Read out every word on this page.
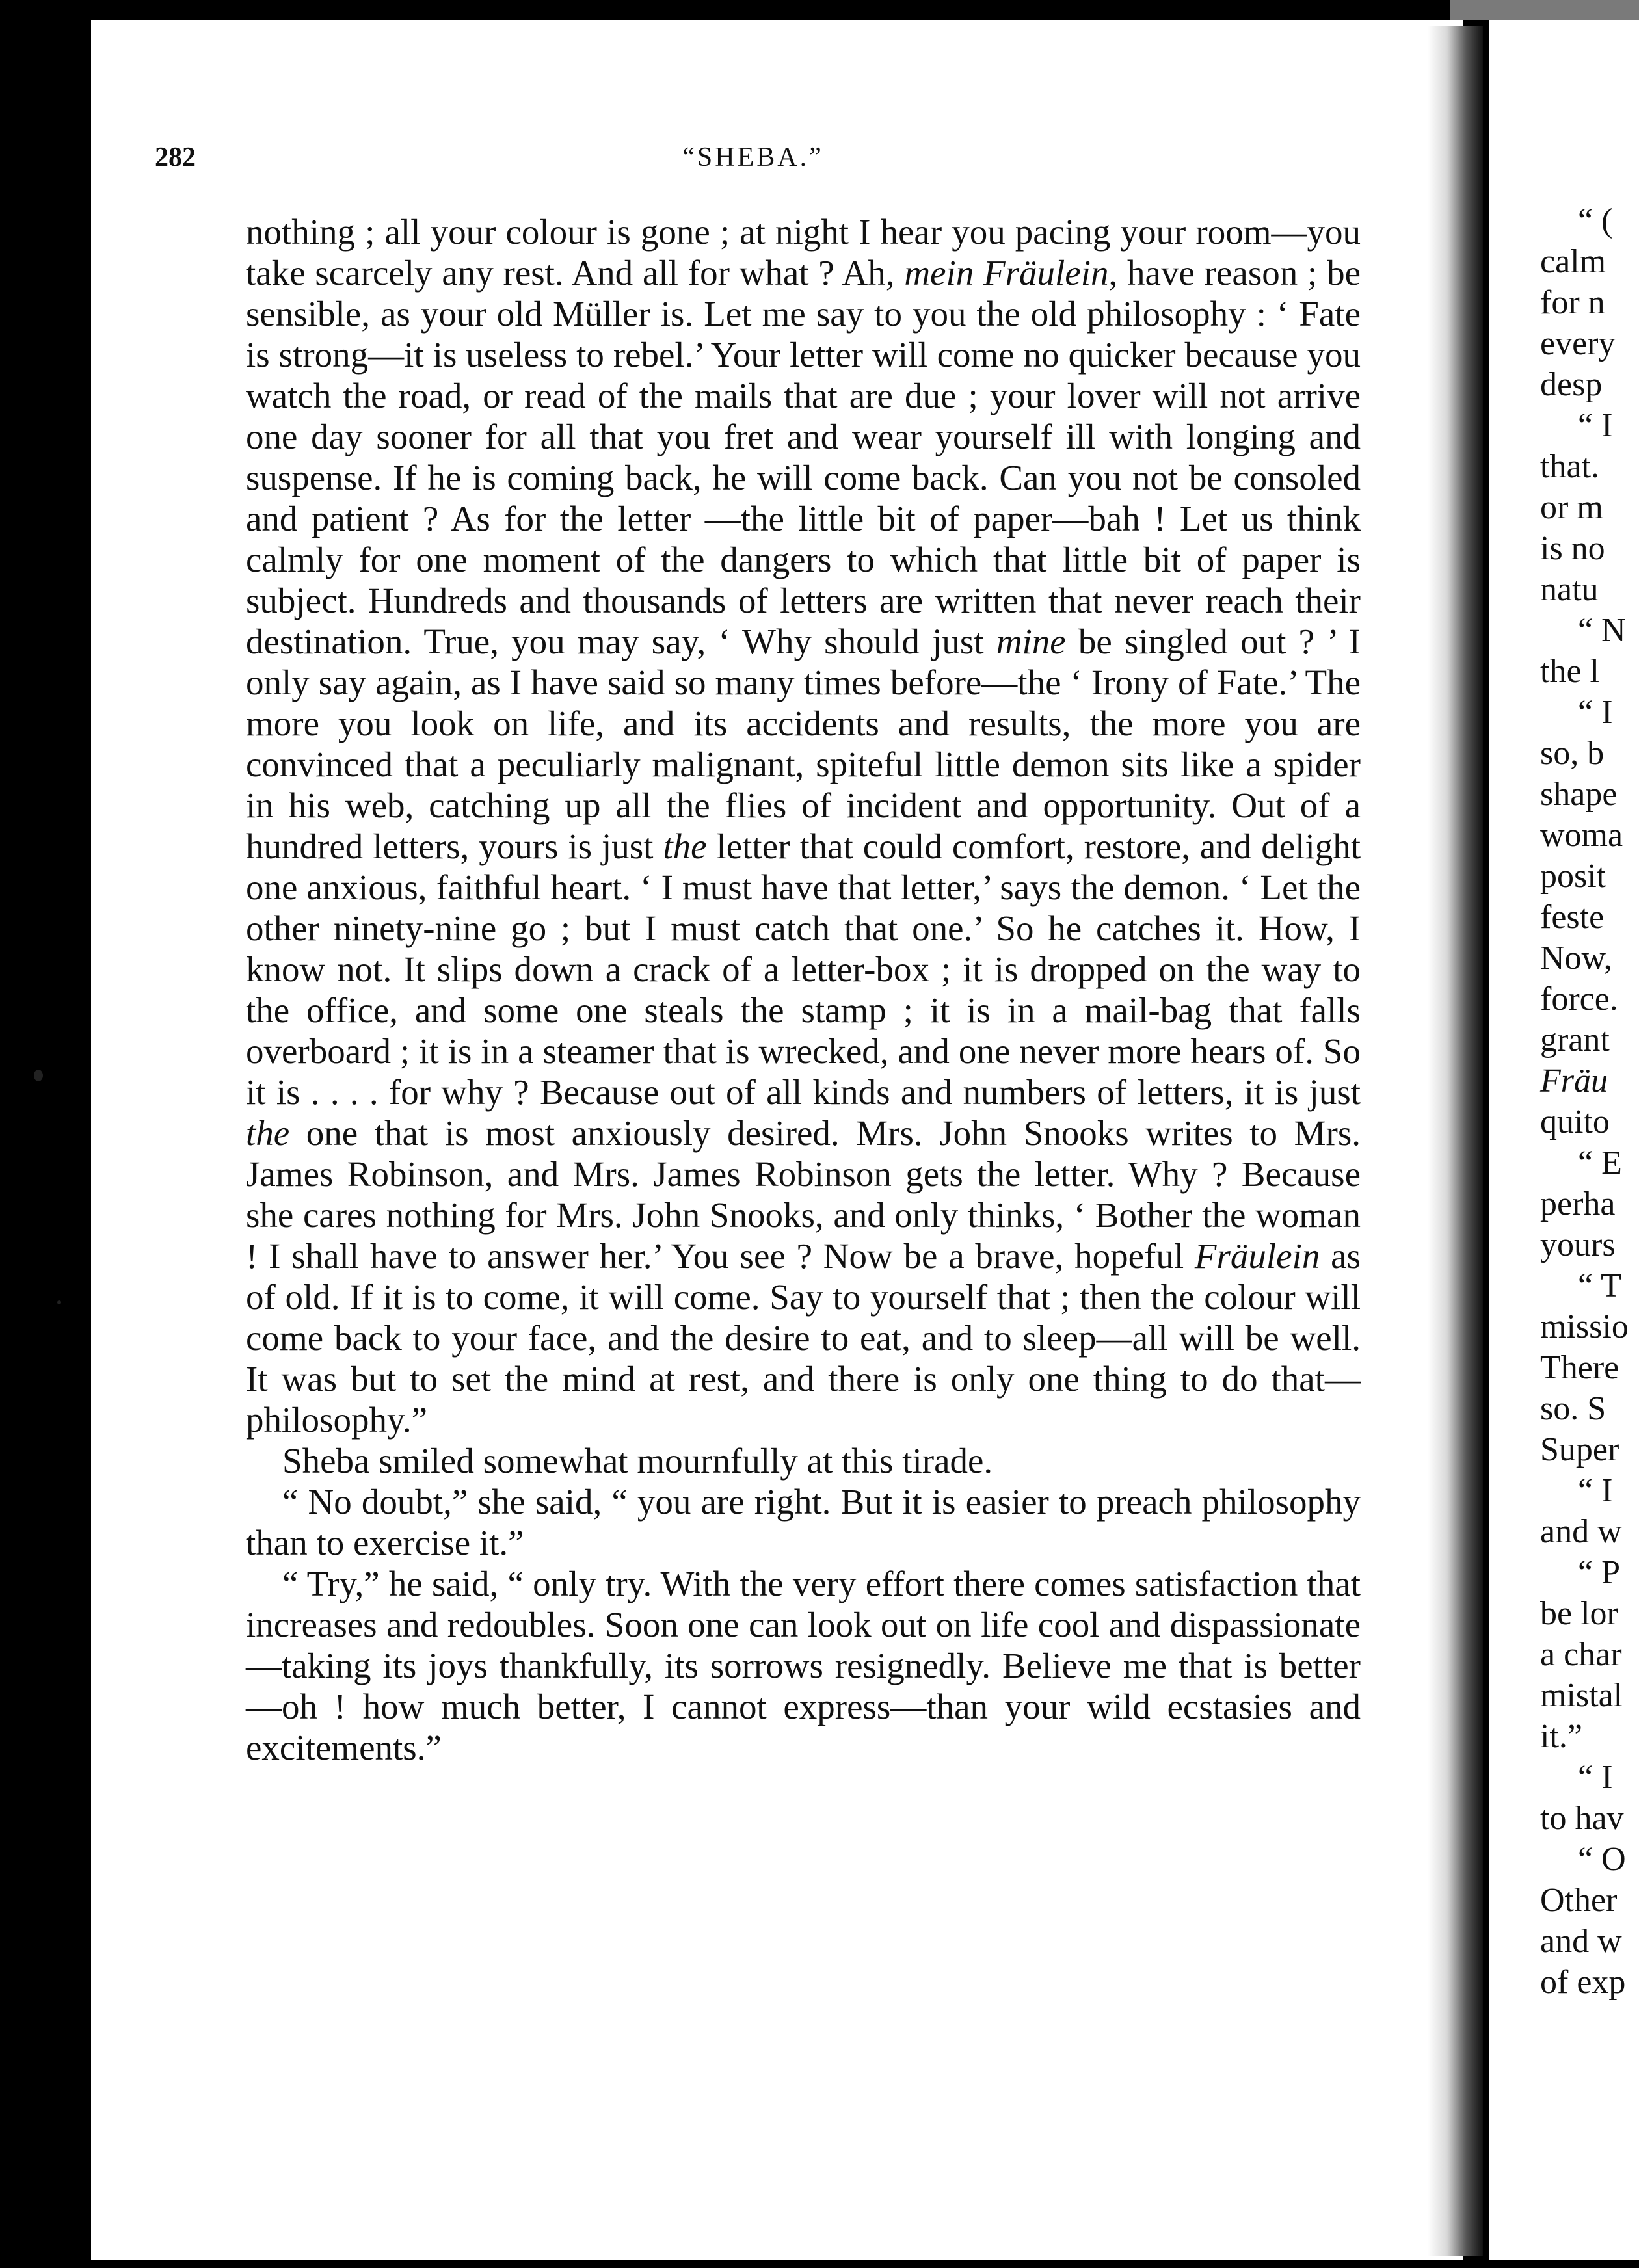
282	“SHEBA.”

nothing ; all your colour is gone ; at night I hear you pacing your room—you take scarcely any rest. And all for what ? Ah, mein Fräulein, have reason ; be sensible, as your old Müller is. Let me say to you the old philosophy : ‘ Fate is strong—it is useless to rebel.’ Your letter will come no quicker because you watch the road, or read of the mails that are due ; your lover will not arrive one day sooner for all that you fret and wear yourself ill with longing and suspense. If he is coming back, he will come back. Can you not be consoled and patient ? As for the letter —the little bit of paper—bah ! Let us think calmly for one moment of the dangers to which that little bit of paper is subject. Hundreds and thousands of letters are written that never reach their destination. True, you may say, ‘ Why should just mine be singled out ? ’ I only say again, as I have said so many times before—the ‘ Irony of Fate.’ The more you look on life, and its accidents and results, the more you are convinced that a peculiarly malignant, spiteful little demon sits like a spider in his web, catching up all the flies of incident and opportunity. Out of a hundred letters, yours is just the letter that could comfort, restore, and delight one anxious, faithful heart. ‘ I must have that letter,’ says the demon. ‘ Let the other ninety-nine go ; but I must catch that one.’ So he catches it. How, I know not. It slips down a crack of a letter-box ; it is dropped on the way to the office, and some one steals the stamp ; it is in a mail-bag that falls overboard ; it is in a steamer that is wrecked, and one never more hears of. So it is . . . . for why ? Because out of all kinds and numbers of letters, it is just the one that is most anxiously desired. Mrs. John Snooks writes to Mrs. James Robinson, and Mrs. James Robinson gets the letter. Why ? Because she cares nothing for Mrs. John Snooks, and only thinks, ‘ Bother the woman ! I shall have to answer her.’ You see ? Now be a brave, hopeful Fräulein as of old. If it is to come, it will come. Say to yourself that ; then the colour will come back to your face, and the desire to eat, and to sleep—all will be well. It was but to set the mind at rest, and there is only one thing to do that—philosophy.”

Sheba smiled somewhat mournfully at this tirade.

“ No doubt,” she said, “ you are right. But it is easier to preach philosophy than to exercise it.”

“ Try,” he said, “ only try. With the very effort there comes satisfaction that increases and redoubles. Soon one can look out on life cool and dispassionate—taking its joys thankfully, its sorrows resignedly. Believe me that is better —oh ! how much better, I cannot express—than your wild ecstasies and excitements.”

“ (
calm
for n
every
desp
“ I
that.
or m
is no
natu
“ N
the l
“ I
so, b
shape
woma
posit
feste
Now,
force.
grant
Fräu
quito
“ E
perha
yours
“ T
missio
There
so. S
Super
“ I
and w
“ P
be lor
a char
mistal
it.”
“ I
to hav
“ O
Other
and w
of exp
